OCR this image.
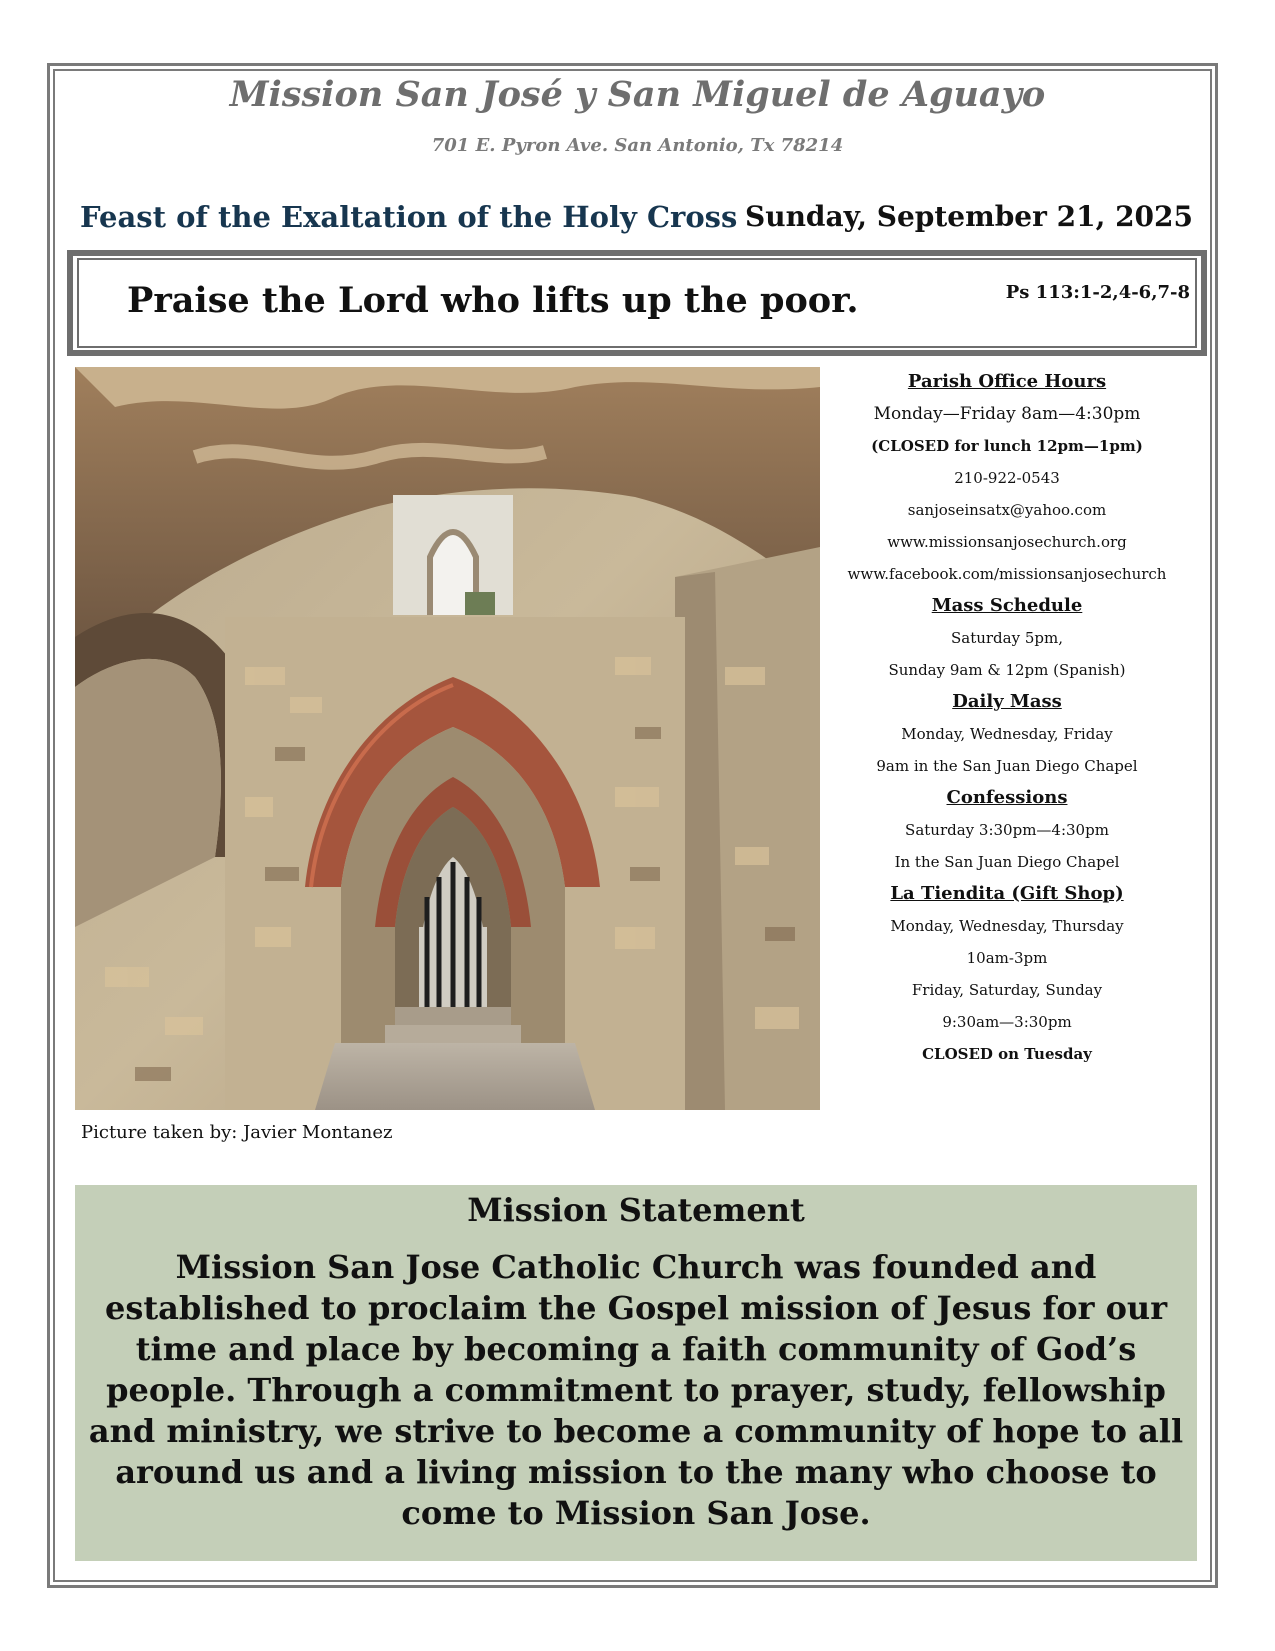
Mission San José y San Miguel de Aguayo
701 E. Pyron Ave. San Antonio, Tx 78214
Feast of the Exaltation of the Holy Cross Sunday, September 21, 2025
Praise the Lord who lifts up the poor.	Ps 113:1-2,4-6,7-8
Picture taken by: Javier Montanez
Parish Office Hours
Monday—Friday 8am—4:30pm
(CLOSED for lunch 12pm—1pm)
210-922-0543
sanjoseinsatx@yahoo.com
www.missionsanjosechurch.org
www.facebook.com/missionsanjosechurch
Mass Schedule
Saturday 5pm,
Sunday 9am & 12pm (Spanish)
Daily Mass
Monday, Wednesday, Friday
9am in the San Juan Diego Chapel
Confessions
Saturday 3:30pm—4:30pm
In the San Juan Diego Chapel
La Tiendita (Gift Shop)
Monday, Wednesday, Thursday
10am-3pm
Friday, Saturday, Sunday
9:30am—3:30pm
CLOSED on Tuesday
Mission Statement
Mission San Jose Catholic Church was founded and established to proclaim the Gospel mission of Jesus for our time and place by becoming a faith community of God’s people. Through a commitment to prayer, study, fellowship and ministry, we strive to become a community of hope to all around us and a living mission to the many who choose to come to Mission San Jose.
